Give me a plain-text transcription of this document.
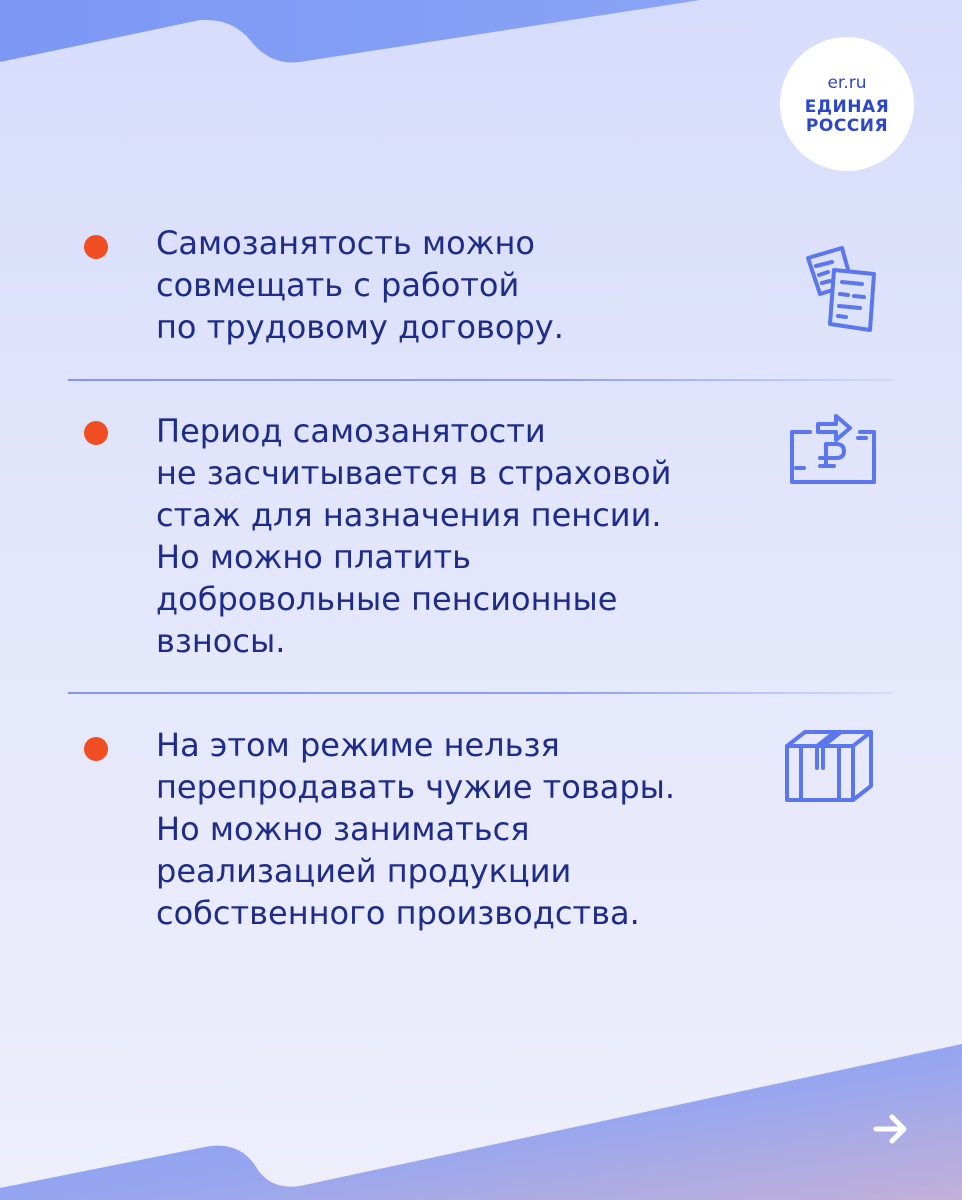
er.ru
ЕДИНАЯ
РОССИЯ

Самозанятость можно
совмещать с работой
по трудовому договору.

Период самозанятости
не засчитывается в страховой
стаж для назначения пенсии.
Но можно платить
добровольные пенсионные
взносы.

На этом режиме нельзя
перепродавать чужие товары.
Но можно заниматься
реализацией продукции
собственного производства.
